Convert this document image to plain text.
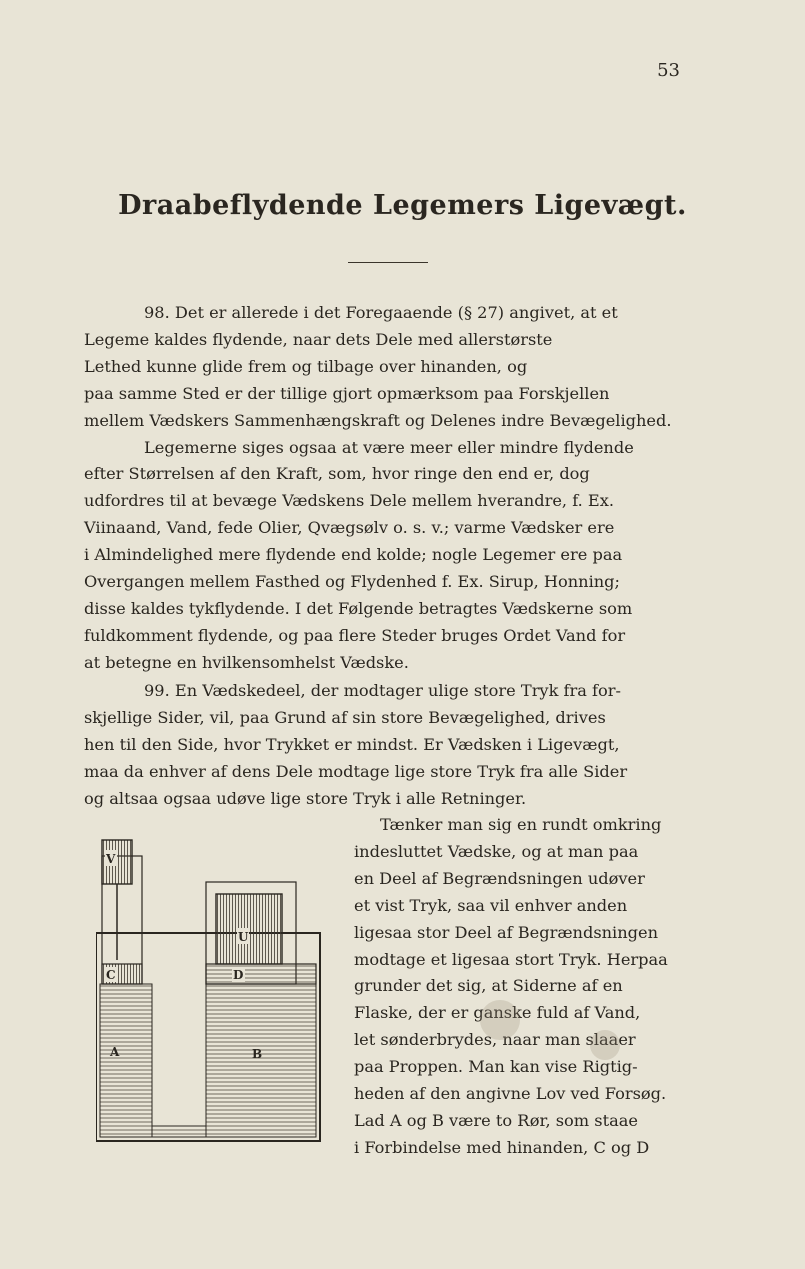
53
Draabeflydende Legemers Ligevægt.

98. Det er allerede i det Foregaaende (§ 27) angivet, at et

Legeme kaldes flydende, naar dets Dele med allerstørste

Lethed kunne glide frem og tilbage over hinanden, og

paa samme Sted er der tillige gjort opmærksom paa Forskjellen

mellem Vædskers Sammenhængskraft og Delenes indre Bevægelighed.

Legemerne siges ogsaa at være meer eller mindre flydende

efter Størrelsen af den Kraft, som, hvor ringe den end er, dog

udfordres til at bevæge Vædskens Dele mellem hverandre, f. Ex.

Viinaand, Vand, fede Olier, Qvægsølv o. s. v.; varme Vædsker ere

i Almindelighed mere flydende end kolde; nogle Legemer ere paa

Overgangen mellem Fasthed og Flydenhed f. Ex. Sirup, Honning;

disse kaldes tykflydende. I det Følgende betragtes Vædskerne som

fuldkomment flydende, og paa flere Steder bruges Ordet Vand for

at betegne en hvilkensomhelst Vædske.

99. En Vædskedeel, der modtager ulige store Tryk fra for-

skjellige Sider, vil, paa Grund af sin store Bevægelighed, drives

hen til den Side, hvor Trykket er mindst. Er Vædsken i Ligevægt,

maa da enhver af dens Dele modtage lige store Tryk fra alle Sider

og altsaa ogsaa udøve lige store Tryk i alle Retninger.

Tænker man sig en rundt omkring
indesluttet Vædske, og at man paa
en Deel af Begrændsningen udøver
et vist Tryk, saa vil enhver anden
ligesaa stor Deel af Begrændsningen
modtage et ligesaa stort Tryk. Herpaa
grunder det sig, at Siderne af en
Flaske, der er ganske fuld af Vand,
let sønderbrydes, naar man slaaer
paa Proppen. Man kan vise Rigtig-
heden af den angivne Lov ved Forsøg.
Lad A og B være to Rør, som staae
i Forbindelse med hinanden, C og D
V
U
C	D
A	B
